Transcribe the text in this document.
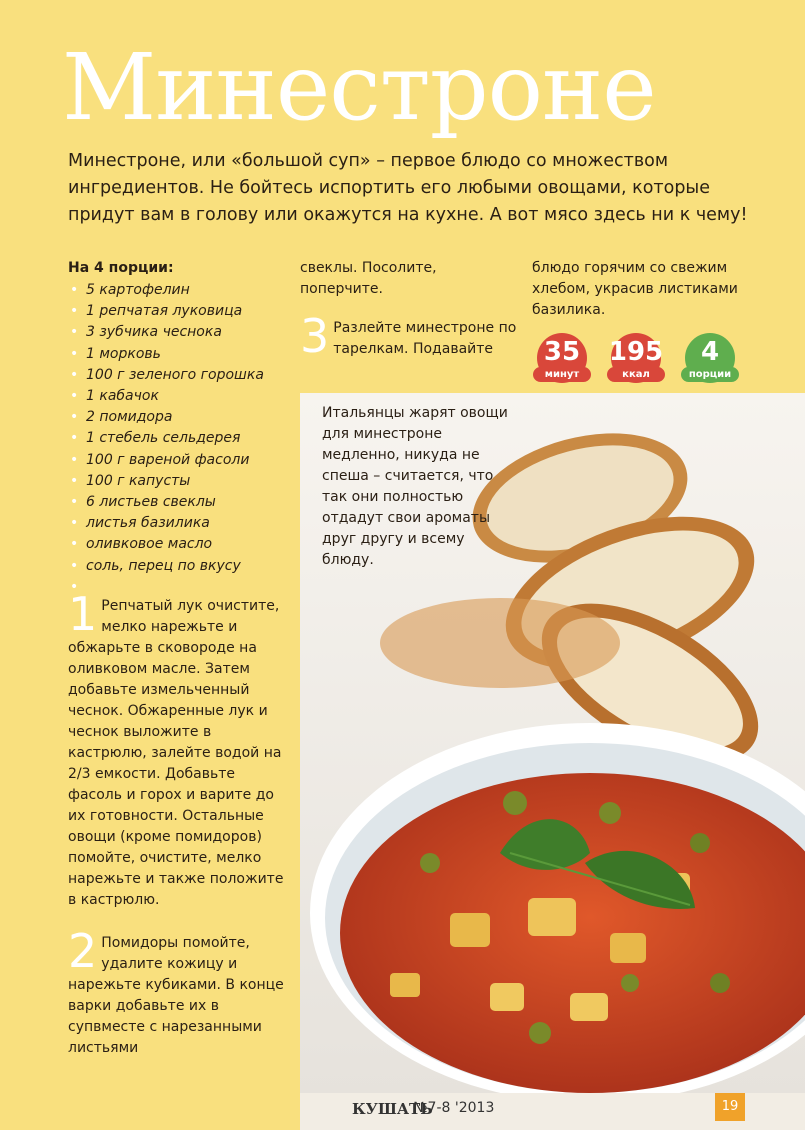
Минестроне
Минестроне, или «большой суп» – первое блюдо со множеством ингредиентов. Не бойтесь испортить его любыми овощами, которые придут вам в голову или окажутся на кухне. А вот мясо здесь ни к чему!
На 4 порции:
• 5 картофелин
• 1 репчатая луковица
• 3 зубчика чеснока
• 1 морковь
• 100 г зеленого горошка
• 1 кабачок
• 2 помидора
• 1 стебель сельдерея
• 100 г вареной фасоли
• 100 г капусты
• 6 листьев свеклы
• листья базилика
• оливковое масло
• соль, перец по вкусу
•
1 Репчатый лук очистите, мелко нарежьте и обжарьте в сковороде на оливковом масле. Затем добавьте измельченный чеснок. Обжаренные лук и чеснок выложите в кастрюлю, залейте водой на 2/3 емкости. Добавьте фасоль и горох и варите до их готовности. Остальные овощи (кроме помидоров) помойте, очистите, мелко нарежьте и также положите в кастрюлю.
2 Помидоры помойте, удалите кожицу и нарежьте кубиками. В конце варки добавьте их в супвместе с нарезанными листьями
свеклы. Посолите, поперчите.
3 Разлейте минестроне по тарелкам. Подавайте
блюдо горячим со свежим хлебом, украсив листиками базилика.
35
минут
195
ккал
4
порции
Итальянцы жарят овощи для минестроне медленно, никуда не спеша – считается, что так они полностью отдадут свои ароматы друг другу и всему блюду.
КУШАТЬ
№7-8 '2013	19
